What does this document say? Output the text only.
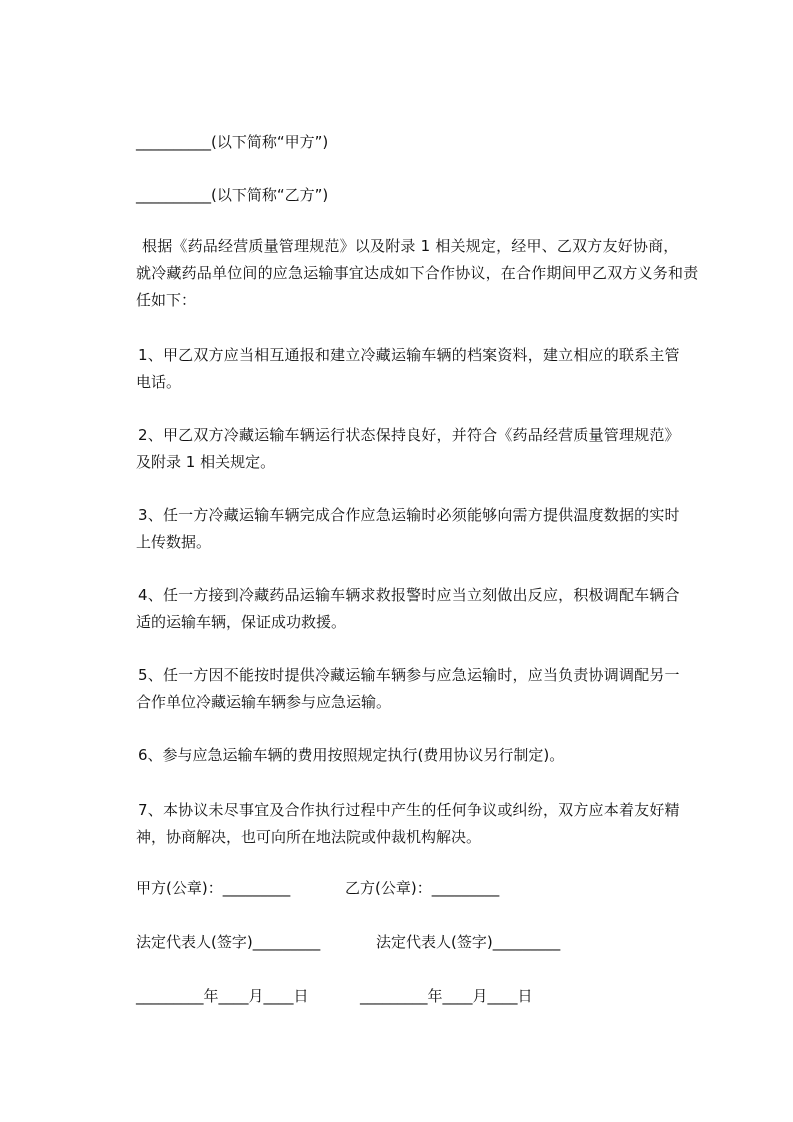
__________(以下简称“甲方”)
__________(以下简称“乙方”)
根据《药品经营质量管理规范》以及附录 1 相关规定，经甲、乙双方友好协商，
就冷藏药品单位间的应急运输事宜达成如下合作协议，在合作期间甲乙双方义务和责
任如下：
1、甲乙双方应当相互通报和建立冷藏运输车辆的档案资料，建立相应的联系主管
电话。
2、甲乙双方冷藏运输车辆运行状态保持良好，并符合《药品经营质量管理规范》
及附录 1 相关规定。
3、任一方冷藏运输车辆完成合作应急运输时必须能够向需方提供温度数据的实时
上传数据。
4、任一方接到冷藏药品运输车辆求救报警时应当立刻做出反应，积极调配车辆合
适的运输车辆，保证成功救援。
5、任一方因不能按时提供冷藏运输车辆参与应急运输时，应当负责协调调配另一
合作单位冷藏运输车辆参与应急运输。
6、参与应急运输车辆的费用按照规定执行(费用协议另行制定)。
7、本协议未尽事宜及合作执行过程中产生的任何争议或纠纷，双方应本着友好精
神，协商解决，也可向所在地法院或仲裁机构解决。
甲方(公章)：_________	乙方(公章)：_________
法定代表人(签字)_________	法定代表人(签字)_________
_________年____月____日	_________年____月____日
